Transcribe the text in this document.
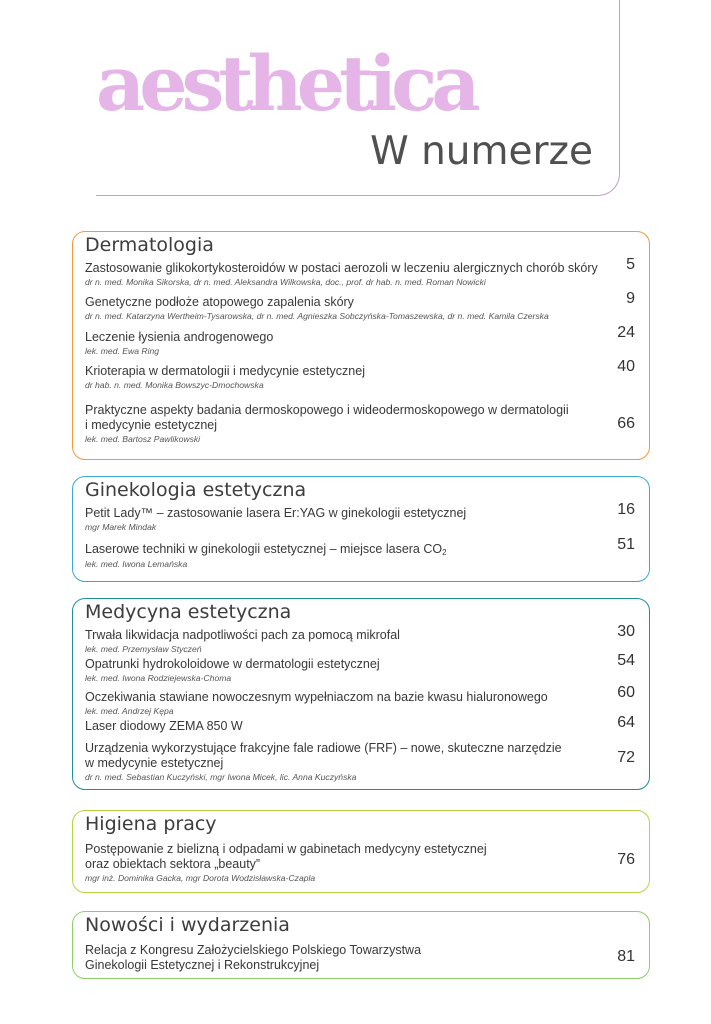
aesthetica
W numerze
Dermatologia
Zastosowanie glikokortykosteroidów w postaci aerozoli w leczeniu alergicznych chorób skóry
dr n. med. Monika Sikorska, dr n. med. Aleksandra Wilkowska, doc., prof. dr hab. n. med. Roman Nowicki
5
Genetyczne podłoże atopowego zapalenia skóry
dr n. med. Katarzyna Wertheim-Tysarowska, dr n. med. Agnieszka Sobczyńska-Tomaszewska, dr n. med. Kamila Czerska
9
Leczenie łysienia androgenowego
lek. med. Ewa Ring
24
Krioterapia w dermatologii i medycynie estetycznej
dr hab. n. med. Monika Bowszyc-Dmochowska
40
Praktyczne aspekty badania dermoskopowego i wideodermoskopowego w dermatologii
i medycynie estetycznej
lek. med. Bartosz Pawlikowski
66
Ginekologia estetyczna
Petit Lady™ – zastosowanie lasera Er:YAG w ginekologii estetycznej
mgr Marek Mindak
16
Laserowe techniki w ginekologii estetycznej – miejsce lasera $CO_2$
lek. med. Iwona Lemańska
51
Medycyna estetyczna
Trwała likwidacja nadpotliwości pach za pomocą mikrofal
lek. med. Przemysław Styczeń
30
Opatrunki hydrokoloidowe w dermatologii estetycznej
lek. med. Iwona Rodziejewska-Choma
54
Oczekiwania stawiane nowoczesnym wypełniaczom na bazie kwasu hialuronowego
lek. med. Andrzej Kępa
60
Laser diodowy ZEMA 850 W	64
Urządzenia wykorzystujące frakcyjne fale radiowe (FRF) – nowe, skuteczne narzędzie
w medycynie estetycznej
dr n. med. Sebastian Kuczyński, mgr Iwona Micek, lic. Anna Kuczyńska
72
Higiena pracy
Postępowanie z bielizną i odpadami w gabinetach medycyny estetycznej
oraz obiektach sektora „beauty”
mgr inż. Dominika Gacka, mgr Dorota Wodzisławska-Czapla
76
Nowości i wydarzenia
Relacja z Kongresu Założycielskiego Polskiego Towarzystwa
Ginekologii Estetycznej i Rekonstrukcyjnej	81
